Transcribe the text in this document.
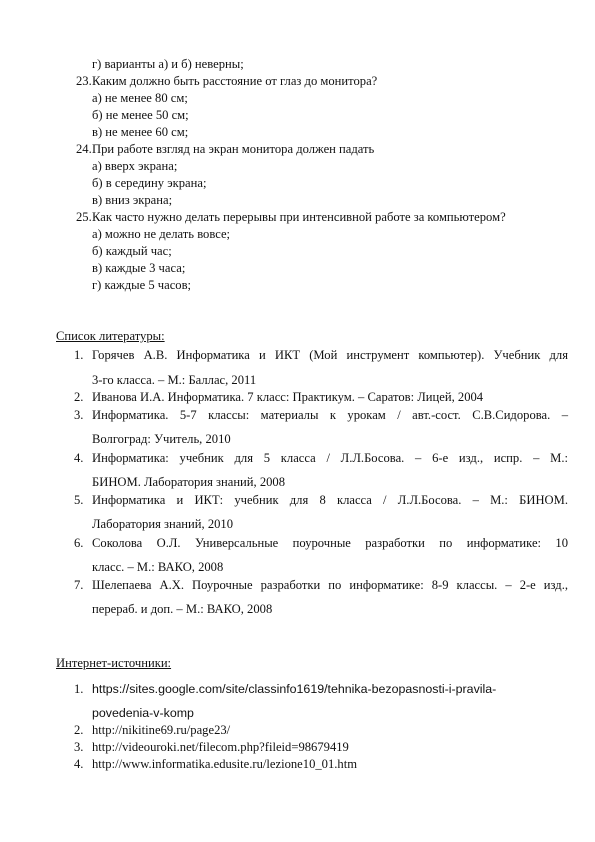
г) варианты а) и б) неверны;
23.Каким должно быть расстояние от глаз до монитора?
а) не менее 80 см;
б) не менее 50 см;
в) не менее 60 см;
24.При работе взгляд на экран монитора должен падать
а) вверх экрана;
б) в середину экрана;
в) вниз экрана;
25.Как часто нужно делать перерывы при интенсивной работе за компьютером?
а) можно не делать вовсе;
б) каждый час;
в) каждые 3 часа;
г) каждые 5 часов;
Список литературы:
1. Горячев А.В. Информатика и ИКТ (Мой инструмент компьютер). Учебник для
3-го класса. – М.: Баллас, 2011
2. Иванова И.А. Информатика. 7 класс: Практикум. – Саратов: Лицей, 2004
3. Информатика. 5-7 классы: материалы к урокам / авт.-сост. С.В.Сидорова. –
Волгоград: Учитель, 2010
4. Информатика: учебник для 5 класса / Л.Л.Босова. – 6-е изд., испр. – М.:
БИНОМ. Лаборатория знаний, 2008
5. Информатика и ИКТ: учебник для 8 класса / Л.Л.Босова. – М.: БИНОМ.
Лаборатория знаний, 2010
6. Соколова О.Л. Универсальные поурочные разработки по информатике: 10
класс. – М.: ВАКО, 2008
7. Шелепаева А.Х. Поурочные разработки по информатике: 8-9 классы. – 2-е изд.,
перераб. и доп. – М.: ВАКО, 2008
Интернет-источники:
1. https://sites.google.com/site/classinfo1619/tehnika-bezopasnosti-i-pravila-
povedenia-v-komp
2. http://nikitine69.ru/page23/
3. http://videouroki.net/filecom.php?fileid=98679419
4. http://www.informatika.edusite.ru/lezione10_01.htm
